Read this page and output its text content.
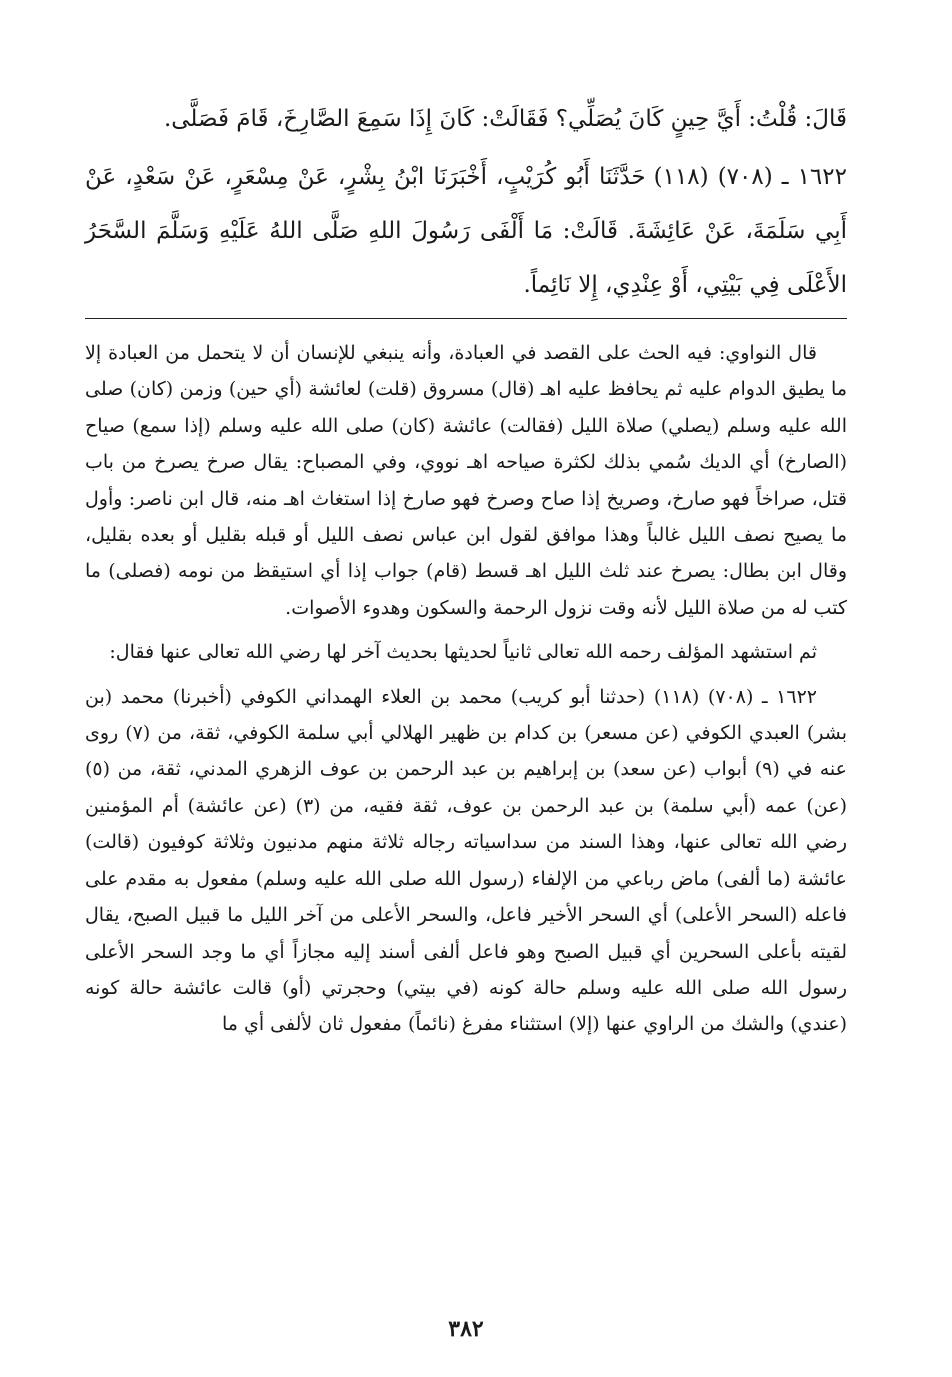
قَالَ: قُلْتُ: أَيَّ حِينٍ كَانَ يُصَلِّي؟ فَقَالَتْ: كَانَ إِذَا سَمِعَ الصَّارِخَ، قَامَ فَصَلَّى.

١٦٢٢ ـ (٧٠٨) (١١٨)حَدَّثَنَا أَبُو كُرَيْبٍ، أَخْبَرَنَا ابْنُ بِشْرٍ، عَنْ مِسْعَرٍ، عَنْ سَعْدٍ، عَنْ أَبِي سَلَمَةَ، عَنْ عَائِشَةَ. قَالَتْ: مَا أَلْفَى رَسُولَ اللهِ صَلَّى اللهُ عَلَيْهِ وَسَلَّمَ السَّحَرُ الأَعْلَى فِي بَيْتِي، أَوْ عِنْدِي، إِلا نَائِماً.

قال النواوي: فيه الحث على القصد في العبادة، وأنه ينبغي للإنسان أن لا يتحمل من العبادة إلا ما يطيق الدوام عليه ثم يحافظ عليه اهـ (قال) مسروق (قلت) لعائشة (أي حين) وزمن (كان) صلى الله عليه وسلم (يصلي) صلاة الليل (فقالت) عائشة (كان) صلى الله عليه وسلم (إذا سمع) صياح (الصارخ) أي الديك سُمي بذلك لكثرة صياحه اهـ نووي، وفي المصباح: يقال صرخ يصرخ من باب قتل، صراخاً فهو صارخ، وصريخ إذا صاح وصرخ فهو صارخ إذا استغاث اهـ منه، قال ابن ناصر: وأول ما يصيح نصف الليل غالباً وهذا موافق لقول ابن عباس نصف الليل أو قبله بقليل أو بعده بقليل، وقال ابن بطال: يصرخ عند ثلث الليل اهـ قسط (قام) جواب إذا أي استيقظ من نومه (فصلى) ما كتب له من صلاة الليل لأنه وقت نزول الرحمة والسكون وهدوء الأصوات.

ثم استشهد المؤلف رحمه الله تعالى ثانياً لحديثها بحديث آخر لها رضي الله تعالى عنها فقال:

١٦٢٢ ـ (٧٠٨) (١١٨) (حدثنا أبو كريب) محمد بن العلاء الهمداني الكوفي (أخبرنا) محمد (بن بشر) العبدي الكوفي (عن مسعر) بن كدام بن ظهير الهلالي أبي سلمة الكوفي، ثقة، من (٧) روى عنه في (٩) أبواب (عن سعد) بن إبراهيم بن عبد الرحمن بن عوف الزهري المدني، ثقة، من (٥) (عن) عمه (أبي سلمة) بن عبد الرحمن بن عوف، ثقة فقيه، من (٣) (عن عائشة) أم المؤمنين رضي الله تعالى عنها، وهذا السند من سداسياته رجاله ثلاثة منهم مدنيون وثلاثة كوفيون (قالت) عائشة (ما ألفى) ماض رباعي من الإلفاء (رسول الله صلى الله عليه وسلم) مفعول به مقدم على فاعله (السحر الأعلى) أي السحر الأخير فاعل، والسحر الأعلى من آخر الليل ما قبيل الصبح، يقال لقيته بأعلى السحرين أي قبيل الصبح وهو فاعل ألفى أسند إليه مجازاً أي ما وجد السحر الأعلى رسول الله صلى الله عليه وسلم حالة كونه (في بيتي) وحجرتي (أو) قالت عائشة حالة كونه (عندي) والشك من الراوي عنها (إلا) استثناء مفرغ (نائماً) مفعول ثان لألفى أي ما

٣٨٢
